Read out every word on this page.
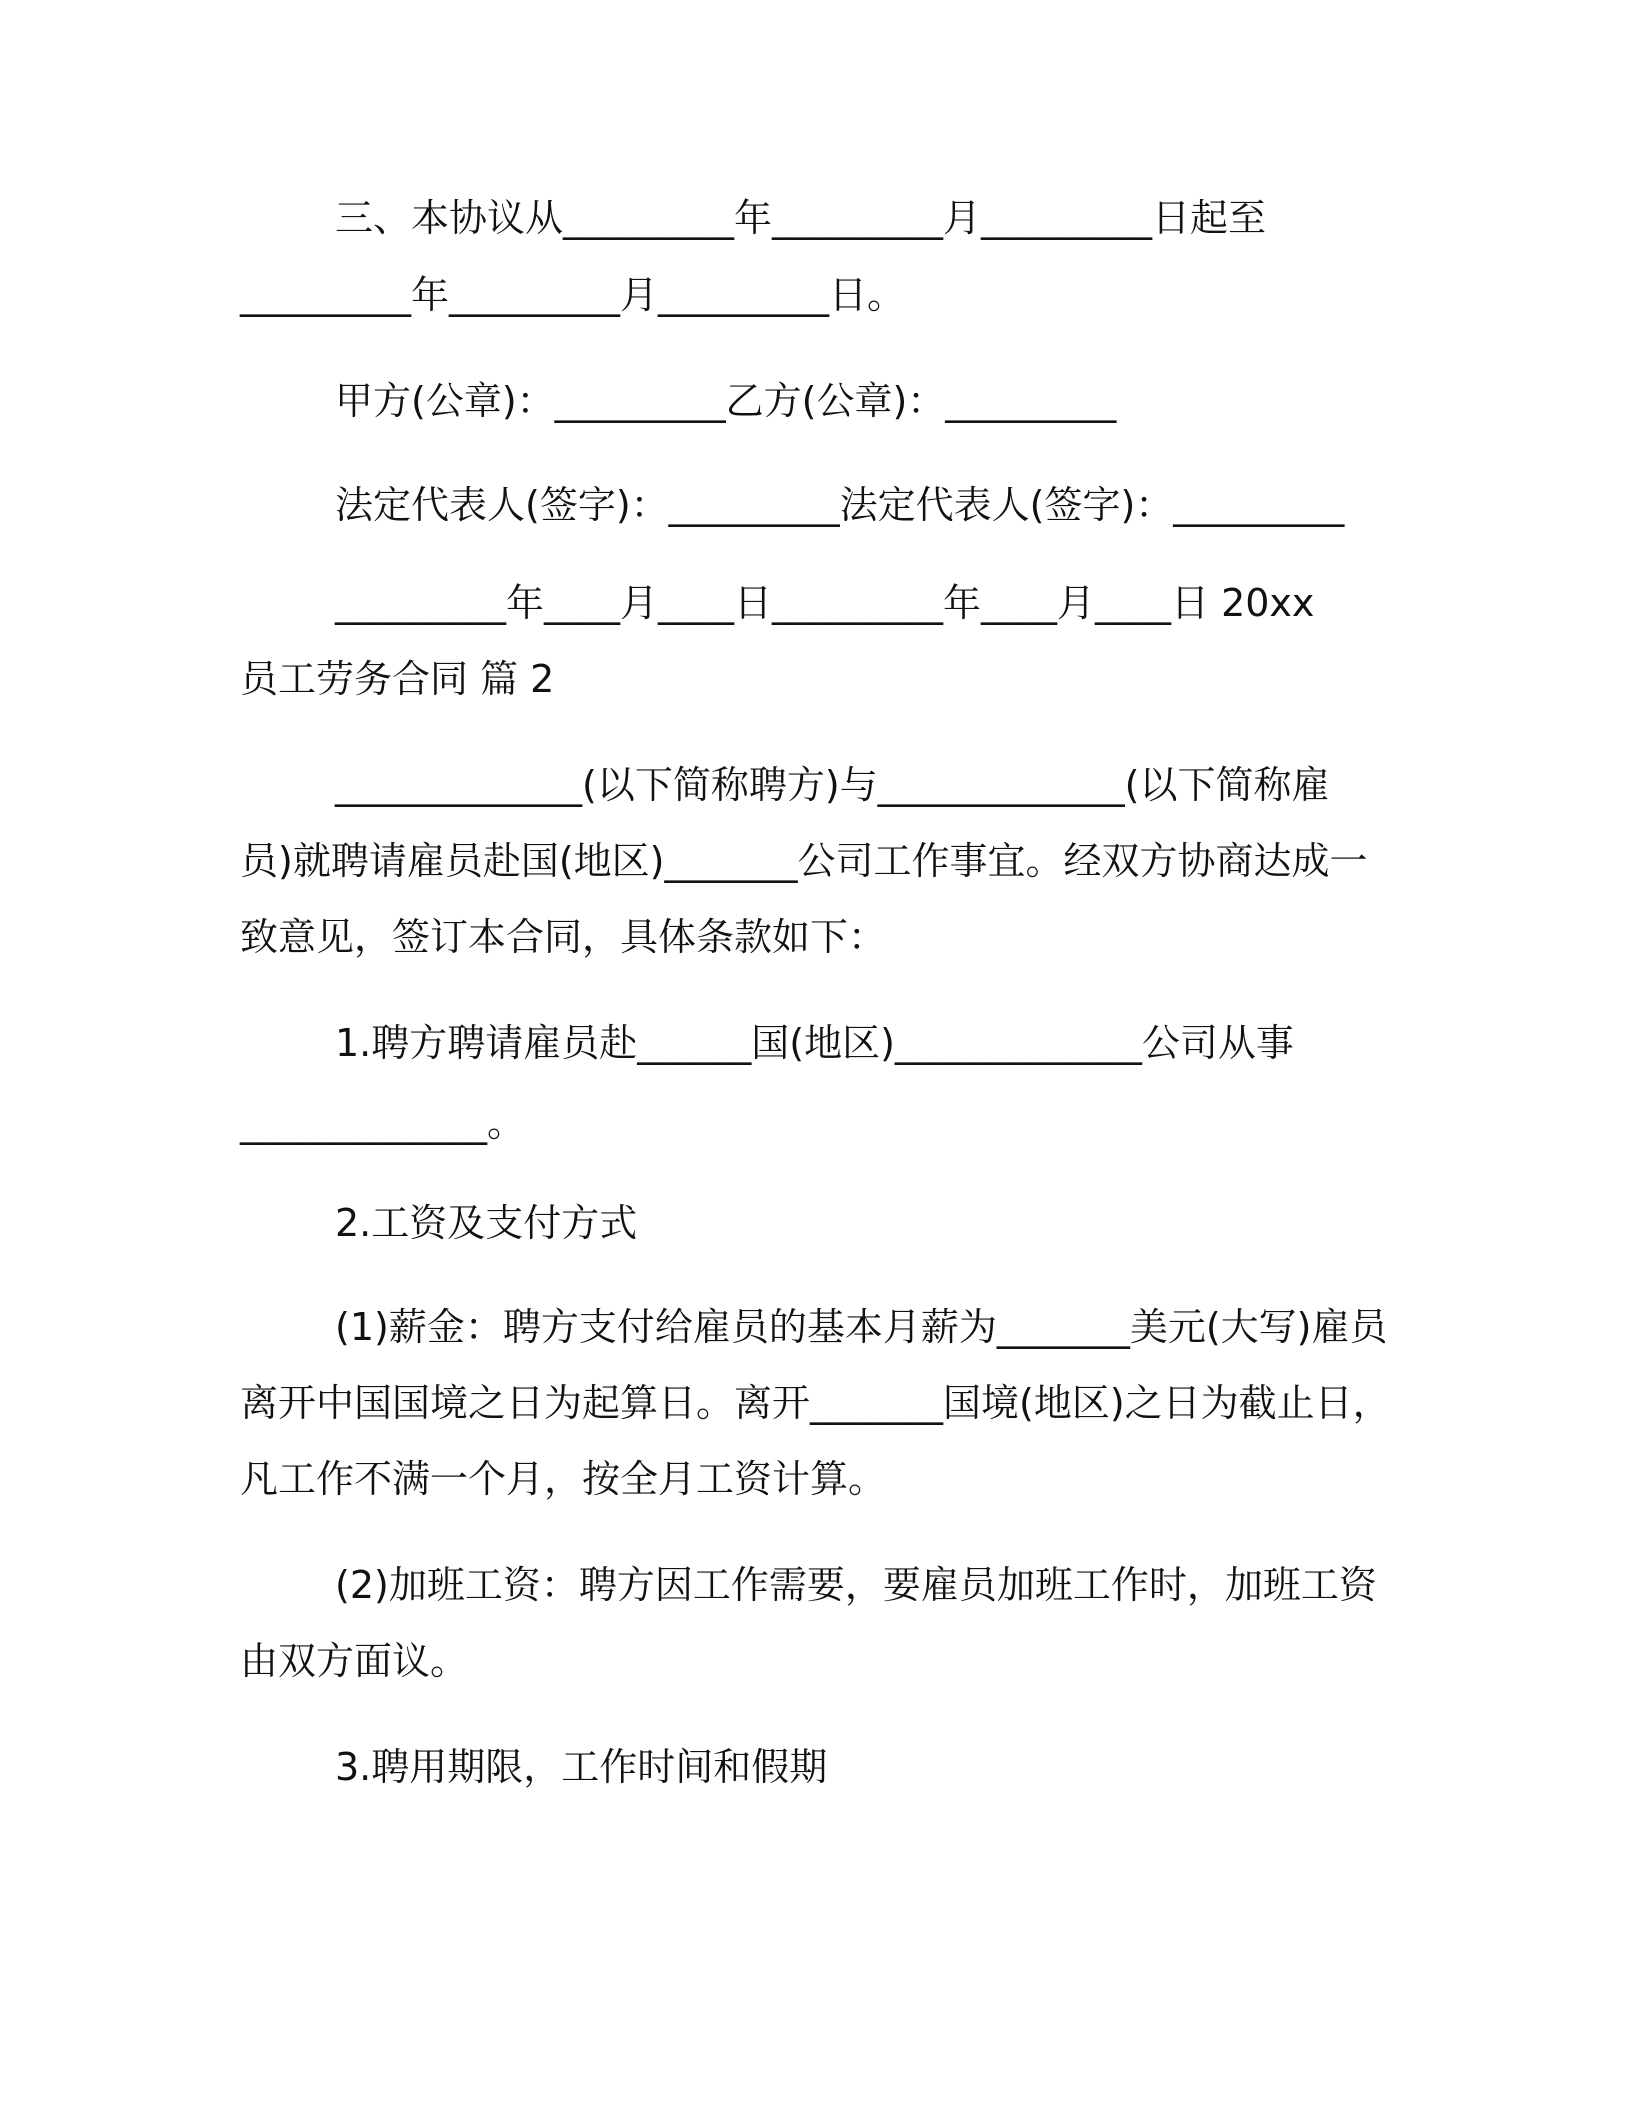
三、本协议从_________年_________月_________日起至
_________年_________月_________日。
甲方(公章)：_________乙方(公章)：_________
法定代表人(签字)：_________法定代表人(签字)：_________
_________年____月____日_________年____月____日 20xx
员工劳务合同 篇 2
_____________(以下简称聘方)与_____________(以下简称雇
员)就聘请雇员赴国(地区)_______公司工作事宜。经双方协商达成一
致意见，签订本合同，具体条款如下：
1.聘方聘请雇员赴______国(地区)_____________公司从事
_____________。
2.工资及支付方式
(1)薪金：聘方支付给雇员的基本月薪为_______美元(大写)雇员
离开中国国境之日为起算日。离开_______国境(地区)之日为截止日，
凡工作不满一个月，按全月工资计算。
(2)加班工资：聘方因工作需要，要雇员加班工作时，加班工资
由双方面议。
3.聘用期限，工作时间和假期
